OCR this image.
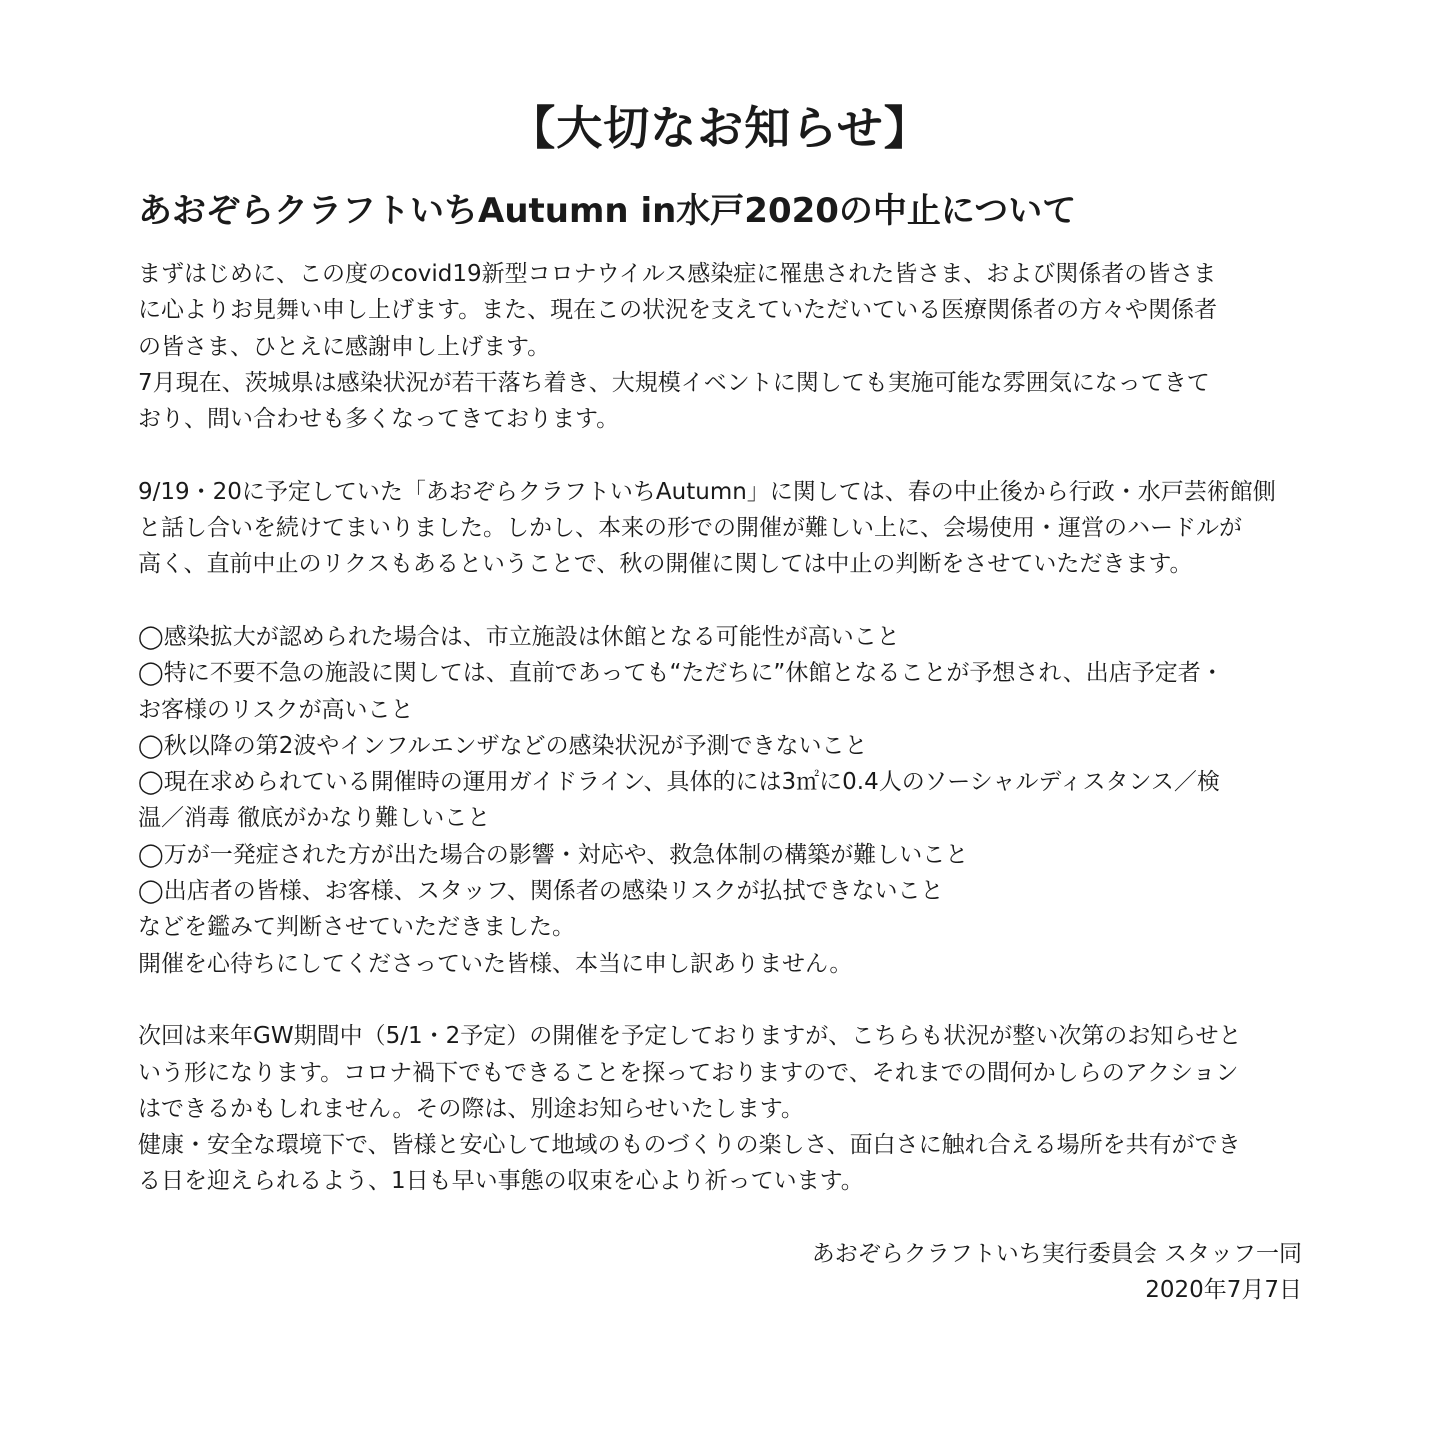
【大切なお知らせ】
あおぞらクラフトいちAutumn in水戸2020の中止について

まずはじめに、この度のcovid19新型コロナウイルス感染症に罹患された皆さま、および関係者の皆さま
に心よりお見舞い申し上げます。また、現在この状況を支えていただいている医療関係者の方々や関係者
の皆さま、ひとえに感謝申し上げます。
7月現在、茨城県は感染状況が若干落ち着き、大規模イベントに関しても実施可能な雰囲気になってきて
おり、問い合わせも多くなってきております。

9/19・20に予定していた「あおぞらクラフトいちAutumn」に関しては、春の中止後から行政・水戸芸術館側
と話し合いを続けてまいりました。しかし、本来の形での開催が難しい上に、会場使用・運営のハードルが
高く、直前中止のリクスもあるということで、秋の開催に関しては中止の判断をさせていただきます。

◯感染拡大が認められた場合は、市立施設は休館となる可能性が高いこと
◯特に不要不急の施設に関しては、直前であっても“ただちに”休館となることが予想され、出店予定者・
お客様のリスクが高いこと
◯秋以降の第2波やインフルエンザなどの感染状況が予測できないこと
◯現在求められている開催時の運用ガイドライン、具体的には3㎡に0.4人のソーシャルディスタンス／検
温／消毒 徹底がかなり難しいこと
◯万が一発症された方が出た場合の影響・対応や、救急体制の構築が難しいこと
◯出店者の皆様、お客様、スタッフ、関係者の感染リスクが払拭できないこと
などを鑑みて判断させていただきました。
開催を心待ちにしてくださっていた皆様、本当に申し訳ありません。

次回は来年GW期間中（5/1・2予定）の開催を予定しておりますが、こちらも状況が整い次第のお知らせと
いう形になります。コロナ禍下でもできることを探っておりますので、それまでの間何かしらのアクション
はできるかもしれません。その際は、別途お知らせいたします。
健康・安全な環境下で、皆様と安心して地域のものづくりの楽しさ、面白さに触れ合える場所を共有ができ
る日を迎えられるよう、1日も早い事態の収束を心より祈っています。

あおぞらクラフトいち実行委員会 スタッフ一同
2020年7月7日
